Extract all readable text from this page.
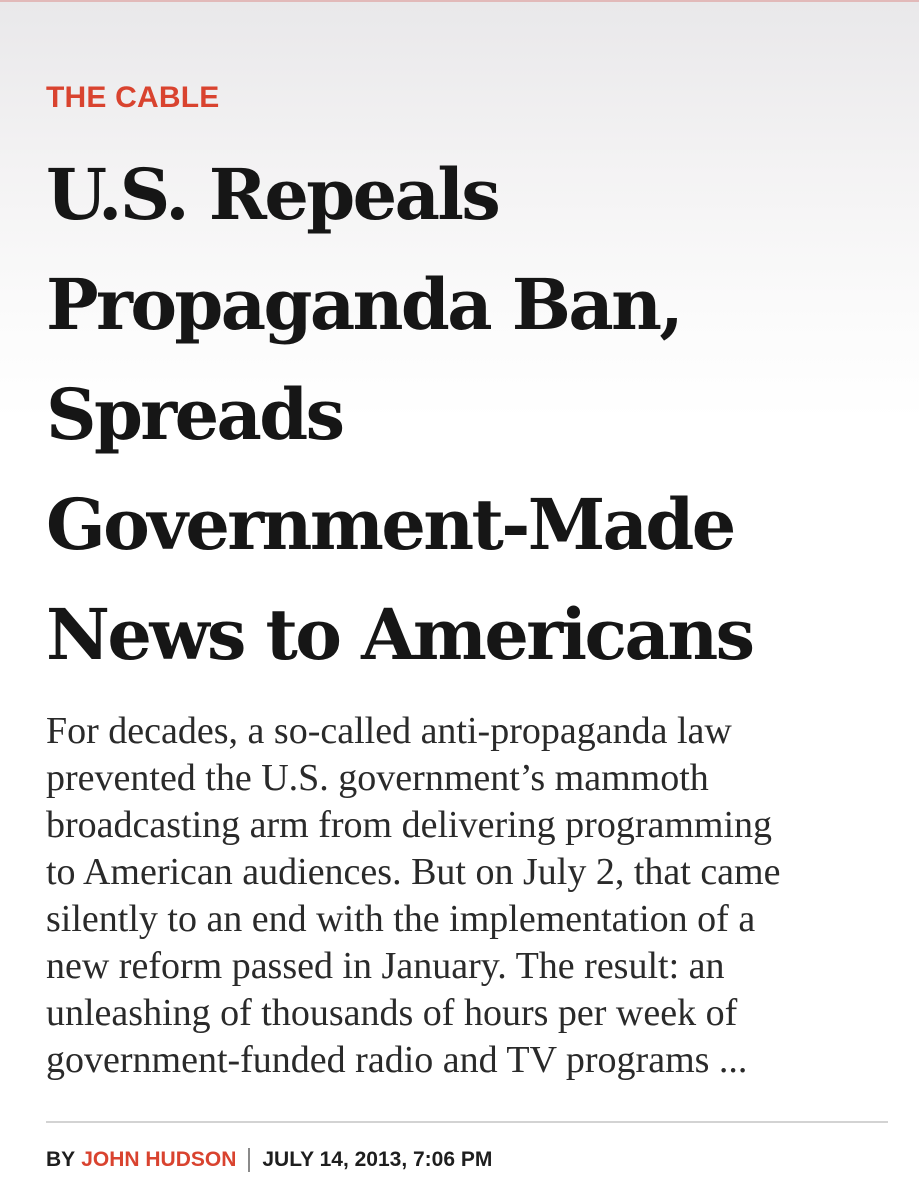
THE CABLE
U.S. Repeals
Propaganda Ban,
Spreads
Government-Made
News to Americans

For decades, a so-called anti-propaganda law
prevented the U.S. government’s mammoth
broadcasting arm from delivering programming
to American audiences. But on July 2, that came
silently to an end with the implementation of a
new reform passed in January. The result: an
unleashing of thousands of hours per week of
government-funded radio and TV programs ...

BY JOHN HUDSON JULY 14, 2013, 7:06 PM
